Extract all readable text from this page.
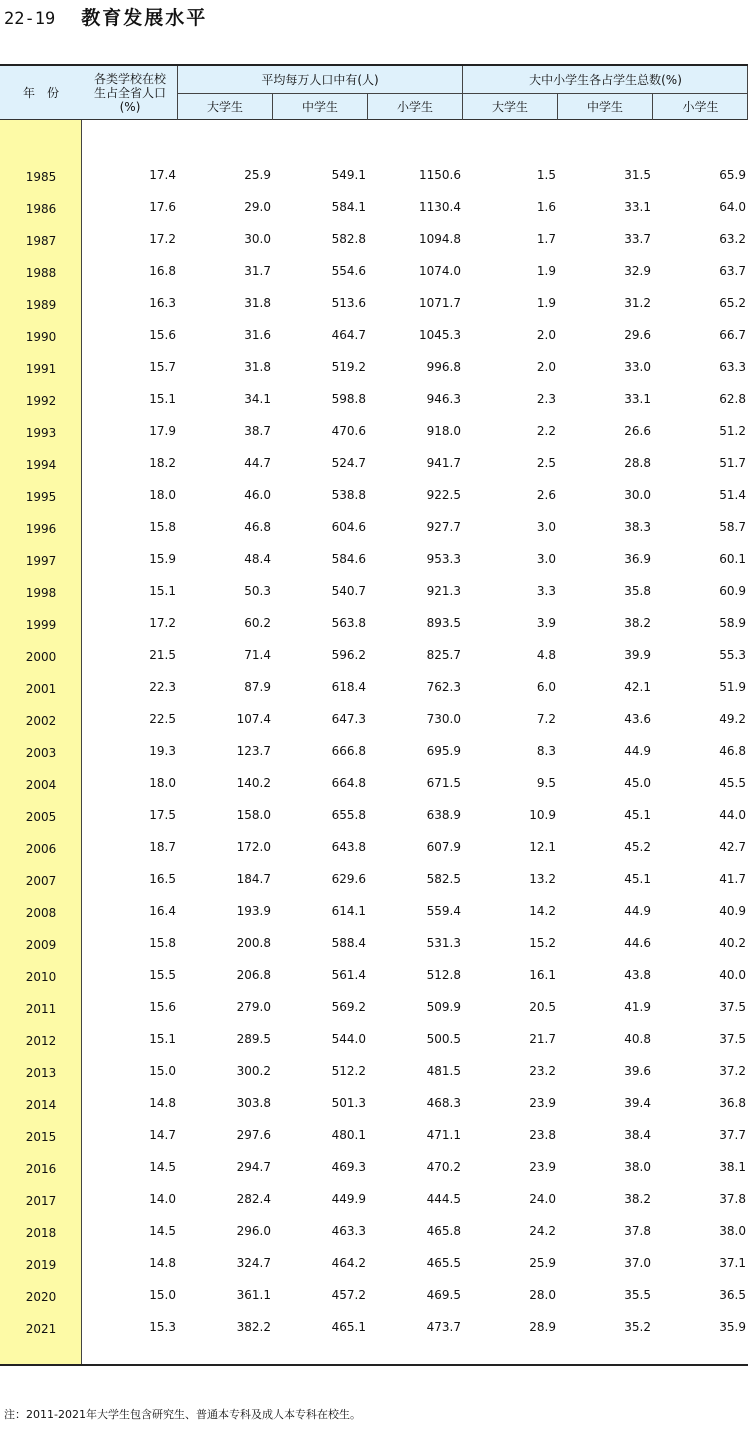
22-19 教育发展水平
年　份
各类学校在校生占全省人口(%)
平均每万人口中有(人)	大中小学生各占学生总数(%)
大学生	中学生	小学生	大学生	中学生	小学生
1985	17.4	25.9	549.1	1150.6	1.5	31.5	65.9
1986	17.6	29.0	584.1	1130.4	1.6	33.1	64.0
1987	17.2	30.0	582.8	1094.8	1.7	33.7	63.2
1988	16.8	31.7	554.6	1074.0	1.9	32.9	63.7
1989	16.3	31.8	513.6	1071.7	1.9	31.2	65.2
1990	15.6	31.6	464.7	1045.3	2.0	29.6	66.7
1991	15.7	31.8	519.2	996.8	2.0	33.0	63.3
1992	15.1	34.1	598.8	946.3	2.3	33.1	62.8
1993	17.9	38.7	470.6	918.0	2.2	26.6	51.2
1994	18.2	44.7	524.7	941.7	2.5	28.8	51.7
1995	18.0	46.0	538.8	922.5	2.6	30.0	51.4
1996	15.8	46.8	604.6	927.7	3.0	38.3	58.7
1997	15.9	48.4	584.6	953.3	3.0	36.9	60.1
1998	15.1	50.3	540.7	921.3	3.3	35.8	60.9
1999	17.2	60.2	563.8	893.5	3.9	38.2	58.9
2000	21.5	71.4	596.2	825.7	4.8	39.9	55.3
2001	22.3	87.9	618.4	762.3	6.0	42.1	51.9
2002	22.5	107.4	647.3	730.0	7.2	43.6	49.2
2003	19.3	123.7	666.8	695.9	8.3	44.9	46.8
2004	18.0	140.2	664.8	671.5	9.5	45.0	45.5
2005	17.5	158.0	655.8	638.9	10.9	45.1	44.0
2006	18.7	172.0	643.8	607.9	12.1	45.2	42.7
2007	16.5	184.7	629.6	582.5	13.2	45.1	41.7
2008	16.4	193.9	614.1	559.4	14.2	44.9	40.9
2009	15.8	200.8	588.4	531.3	15.2	44.6	40.2
2010	15.5	206.8	561.4	512.8	16.1	43.8	40.0
2011	15.6	279.0	569.2	509.9	20.5	41.9	37.5
2012	15.1	289.5	544.0	500.5	21.7	40.8	37.5
2013	15.0	300.2	512.2	481.5	23.2	39.6	37.2
2014	14.8	303.8	501.3	468.3	23.9	39.4	36.8
2015	14.7	297.6	480.1	471.1	23.8	38.4	37.7
2016	14.5	294.7	469.3	470.2	23.9	38.0	38.1
2017	14.0	282.4	449.9	444.5	24.0	38.2	37.8
2018	14.5	296.0	463.3	465.8	24.2	37.8	38.0
2019	14.8	324.7	464.2	465.5	25.9	37.0	37.1
2020	15.0	361.1	457.2	469.5	28.0	35.5	36.5
2021	15.3	382.2	465.1	473.7	28.9	35.2	35.9
注：2011-2021年大学生包含研究生、普通本专科及成人本专科在校生。
